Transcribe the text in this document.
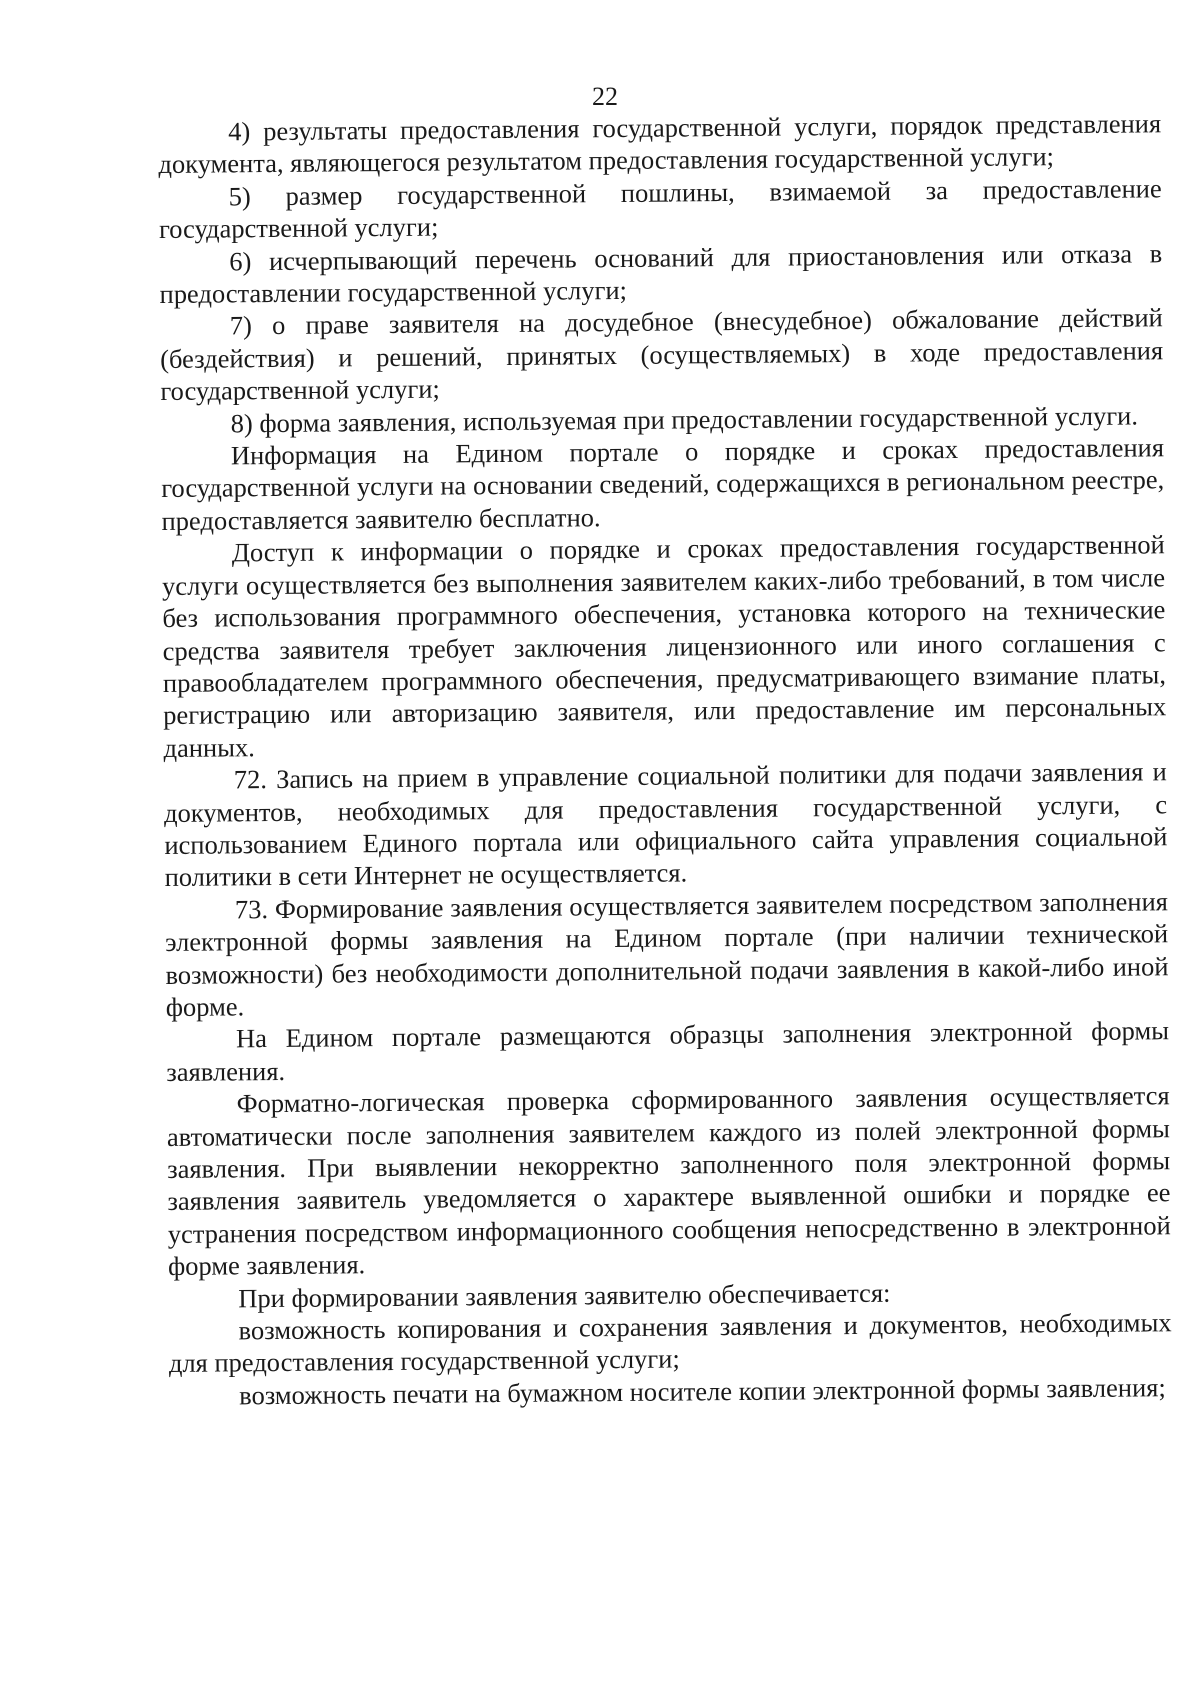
22

4) результаты предоставления государственной услуги, порядок представления документа, являющегося результатом предоставления государственной услуги;

5) размер государственной пошлины, взимаемой за предоставление государственной услуги;

6) исчерпывающий перечень оснований для приостановления или отказа в предоставлении государственной услуги;

7) о праве заявителя на досудебное (внесудебное) обжалование действий (бездействия) и решений, принятых (осуществляемых) в ходе предоставления государственной услуги;

8) форма заявления, используемая при предоставлении государственной услуги.

Информация на Едином портале о порядке и сроках предоставления государственной услуги на основании сведений, содержащихся в региональном реестре, предоставляется заявителю бесплатно.

Доступ к информации о порядке и сроках предоставления государственной услуги осуществляется без выполнения заявителем каких-либо требований, в том числе без использования программного обеспечения, установка которого на технические средства заявителя требует заключения лицензионного или иного соглашения с правообладателем программного обеспечения, предусматривающего взимание платы, регистрацию или авторизацию заявителя, или предоставление им персональных данных.

72. Запись на прием в управление социальной политики для подачи заявления и документов, необходимых для предоставления государственной услуги, с использованием Единого портала или официального сайта управления социальной политики в сети Интернет не осуществляется.

73. Формирование заявления осуществляется заявителем посредством заполнения электронной формы заявления на Едином портале (при наличии технической возможности) без необходимости дополнительной подачи заявления в какой-либо иной форме.

На Едином портале размещаются образцы заполнения электронной формы заявления.

Форматно-логическая проверка сформированного заявления осуществляется автоматически после заполнения заявителем каждого из полей электронной формы заявления. При выявлении некорректно заполненного поля электронной формы заявления заявитель уведомляется о характере выявленной ошибки и порядке ее устранения посредством информационного сообщения непосредственно в электронной форме заявления.

При формировании заявления заявителю обеспечивается:

возможность копирования и сохранения заявления и документов, необходимых для предоставления государственной услуги;

возможность печати на бумажном носителе копии электронной формы заявления;
